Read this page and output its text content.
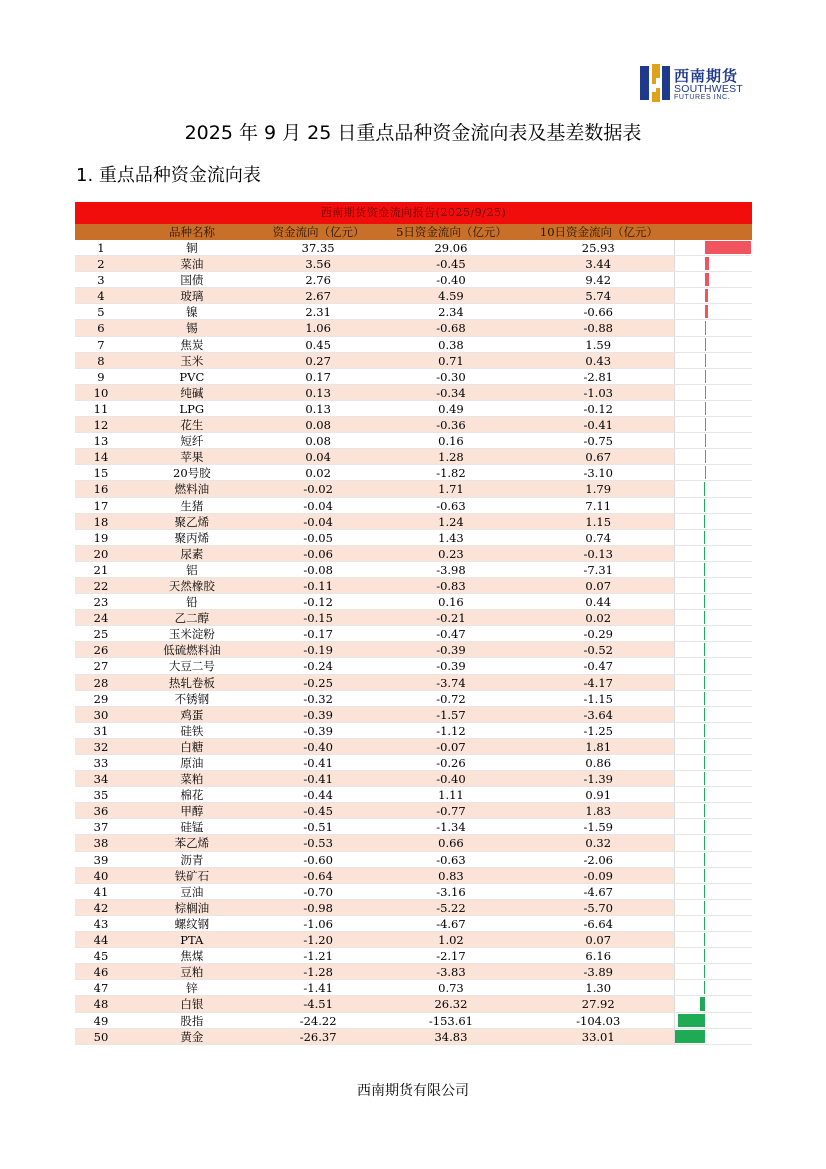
西南期货
SOUTHWEST
FUTURES INC.
2025 年 9 月 25 日重点品种资金流向表及基差数据表
1. 重点品种资金流向表
西南期货资金流向报告(2025/9/25)
品种名称	资金流向（亿元）	5日资金流向（亿元）	10日资金流向（亿元）
1	铜	37.35	29.06	25.93
2	菜油	3.56	-0.45	3.44
3	国债	2.76	-0.40	9.42
4	玻璃	2.67	4.59	5.74
5	镍	2.31	2.34	-0.66
6	锡	1.06	-0.68	-0.88
7	焦炭	0.45	0.38	1.59
8	玉米	0.27	0.71	0.43
9	PVC	0.17	-0.30	-2.81
10	纯碱	0.13	-0.34	-1.03
11	LPG	0.13	0.49	-0.12
12	花生	0.08	-0.36	-0.41
13	短纤	0.08	0.16	-0.75
14	苹果	0.04	1.28	0.67
15	20号胶	0.02	-1.82	-3.10
16	燃料油	-0.02	1.71	1.79
17	生猪	-0.04	-0.63	7.11
18	聚乙烯	-0.04	1.24	1.15
19	聚丙烯	-0.05	1.43	0.74
20	尿素	-0.06	0.23	-0.13
21	铝	-0.08	-3.98	-7.31
22	天然橡胶	-0.11	-0.83	0.07
23	铅	-0.12	0.16	0.44
24	乙二醇	-0.15	-0.21	0.02
25	玉米淀粉	-0.17	-0.47	-0.29
26	低硫燃料油	-0.19	-0.39	-0.52
27	大豆二号	-0.24	-0.39	-0.47
28	热轧卷板	-0.25	-3.74	-4.17
29	不锈钢	-0.32	-0.72	-1.15
30	鸡蛋	-0.39	-1.57	-3.64
31	硅铁	-0.39	-1.12	-1.25
32	白糖	-0.40	-0.07	1.81
33	原油	-0.41	-0.26	0.86
34	菜粕	-0.41	-0.40	-1.39
35	棉花	-0.44	1.11	0.91
36	甲醇	-0.45	-0.77	1.83
37	硅锰	-0.51	-1.34	-1.59
38	苯乙烯	-0.53	0.66	0.32
39	沥青	-0.60	-0.63	-2.06
40	铁矿石	-0.64	0.83	-0.09
41	豆油	-0.70	-3.16	-4.67
42	棕榈油	-0.98	-5.22	-5.70
43	螺纹钢	-1.06	-4.67	-6.64
44	PTA	-1.20	1.02	0.07
45	焦煤	-1.21	-2.17	6.16
46	豆粕	-1.28	-3.83	-3.89
47	锌	-1.41	0.73	1.30
48	白银	-4.51	26.32	27.92
49	股指	-24.22	-153.61	-104.03
50	黄金	-26.37	34.83	33.01
西南期货有限公司
